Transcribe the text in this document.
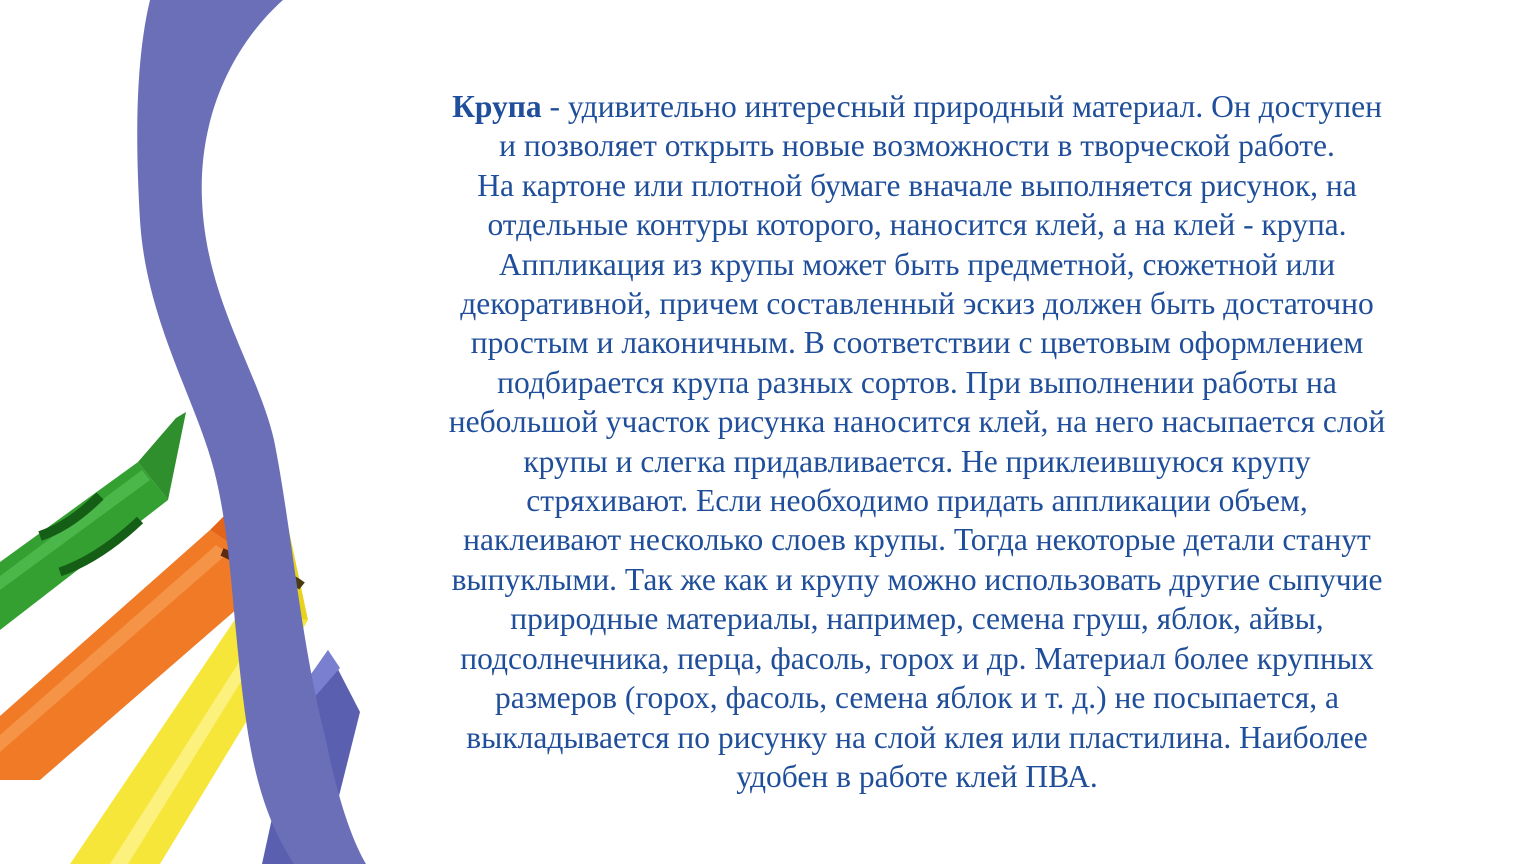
Крупа - удивительно интересный природный материал. Он доступен
и позволяет открыть новые возможности в творческой работе.
На картоне или плотной бумаге вначале выполняется рисунок, на
отдельные контуры которого, наносится клей, а на клей - крупа.
Аппликация из крупы может быть предметной, сюжетной или
декоративной, причем составленный эскиз должен быть достаточно
простым и лаконичным. В соответствии с цветовым оформлением
подбирается крупа разных сортов. При выполнении работы на
небольшой участок рисунка наносится клей, на него насыпается слой
крупы и слегка придавливается. Не приклеившуюся крупу
стряхивают. Если необходимо придать аппликации объем,
наклеивают несколько слоев крупы. Тогда некоторые детали станут
выпуклыми. Так же как и крупу можно использовать другие сыпучие
природные материалы, например, семена груш, яблок, айвы,
подсолнечника, перца, фасоль, горох и др. Материал более крупных
размеров (горох, фасоль, семена яблок и т. д.) не посыпается, а
выкладывается по рисунку на слой клея или пластилина. Наиболее
удобен в работе клей ПВА.
